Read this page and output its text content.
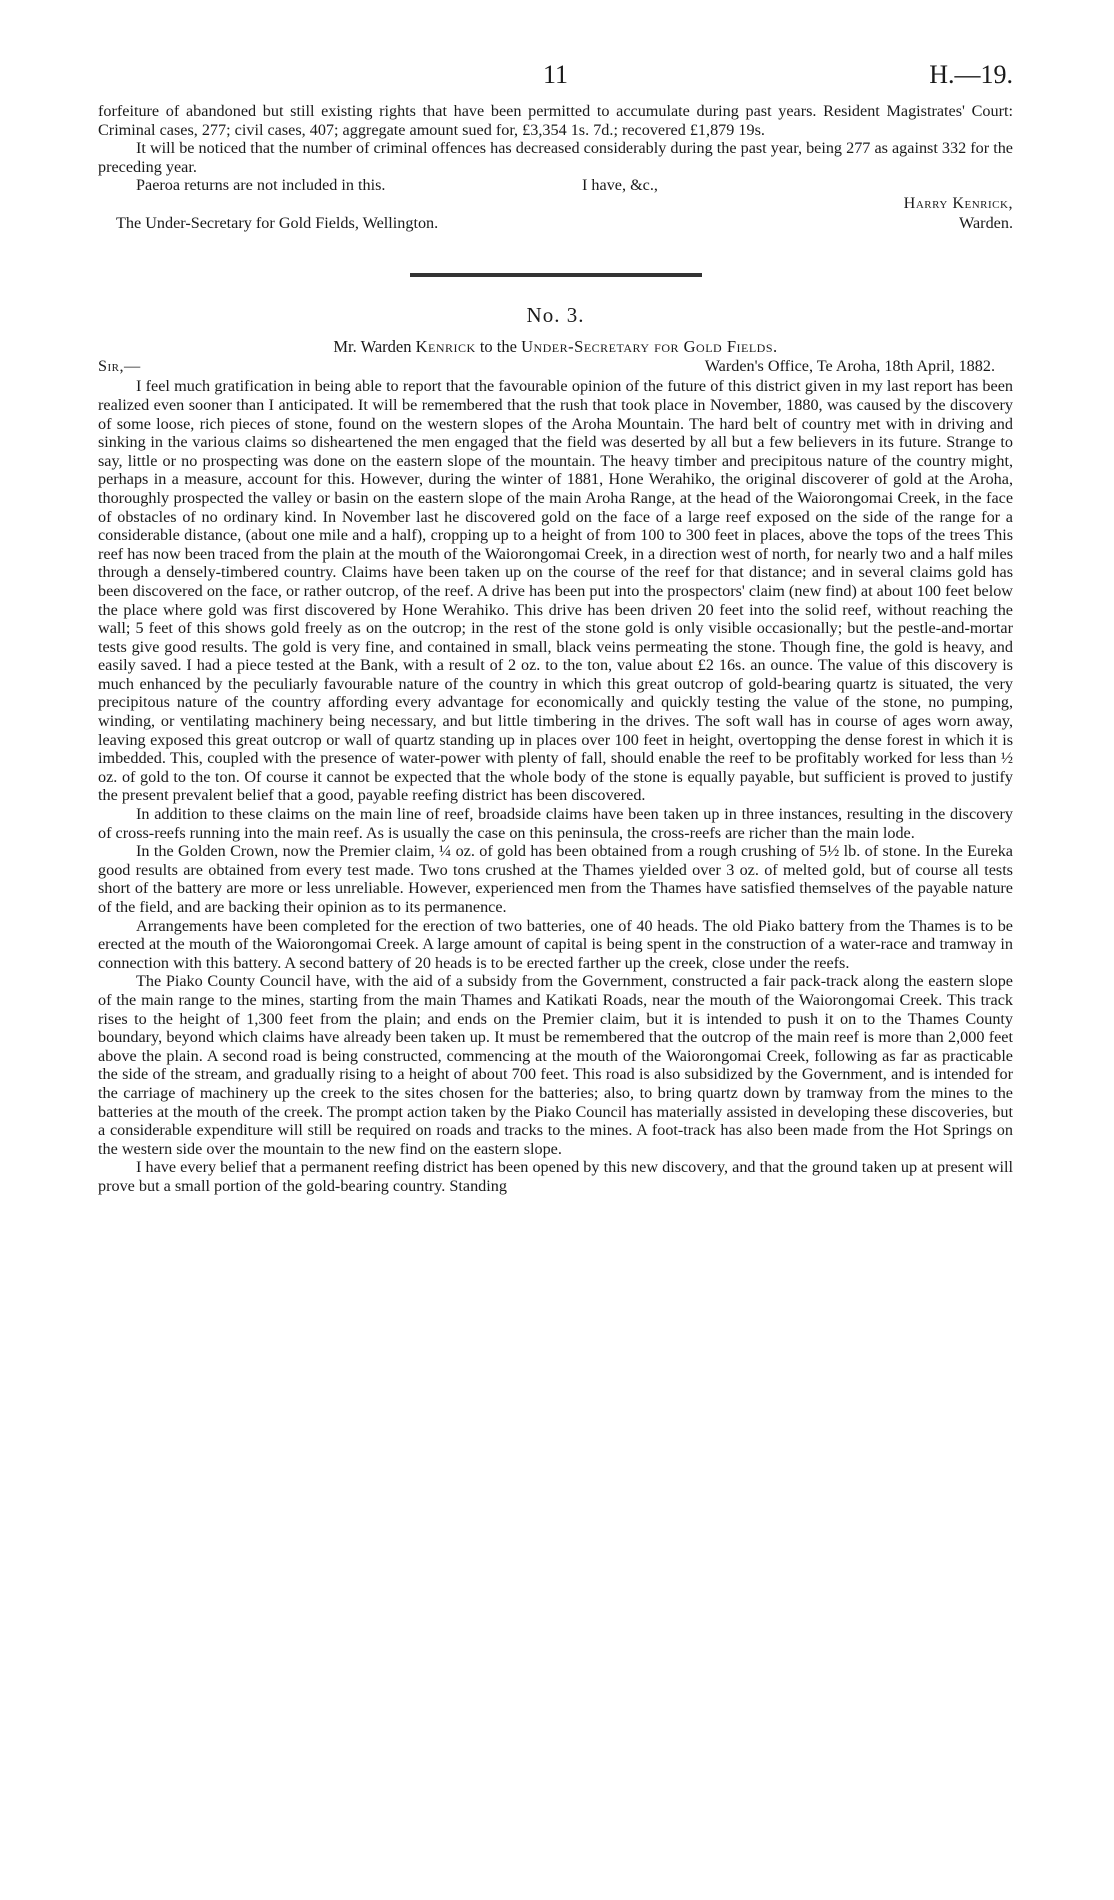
11	H.—19.

forfeiture of abandoned but still existing rights that have been permitted to accumulate during past years. Resident Magistrates' Court: Criminal cases, 277; civil cases, 407; aggregate amount sued for, £3,354 1s. 7d.; recovered £1,879 19s.

It will be noticed that the number of criminal offences has decreased considerably during the past year, being 277 as against 332 for the preceding year.

Paeroa returns are not included in this.	I have, &c.,
Harry Kenrick,
The Under-Secretary for Gold Fields, Wellington.	Warden.
No. 3.
Mr. Warden Kenrick to the Under-Secretary for Gold Fields.
Sir,—	Warden's Office, Te Aroha, 18th April, 1882.

I feel much gratification in being able to report that the favourable opinion of the future of this district given in my last report has been realized even sooner than I anticipated. It will be remembered that the rush that took place in November, 1880, was caused by the discovery of some loose, rich pieces of stone, found on the western slopes of the Aroha Mountain. The hard belt of country met with in driving and sinking in the various claims so disheartened the men engaged that the field was deserted by all but a few believers in its future. Strange to say, little or no prospecting was done on the eastern slope of the mountain. The heavy timber and precipitous nature of the country might, perhaps in a measure, account for this. However, during the winter of 1881, Hone Werahiko, the original discoverer of gold at the Aroha, thoroughly prospected the valley or basin on the eastern slope of the main Aroha Range, at the head of the Waiorongomai Creek, in the face of obstacles of no ordinary kind. In November last he discovered gold on the face of a large reef exposed on the side of the range for a considerable distance, (about one mile and a half), cropping up to a height of from 100 to 300 feet in places, above the tops of the trees This reef has now been traced from the plain at the mouth of the Waiorongomai Creek, in a direction west of north, for nearly two and a half miles through a densely-timbered country. Claims have been taken up on the course of the reef for that distance; and in several claims gold has been discovered on the face, or rather outcrop, of the reef. A drive has been put into the prospectors' claim (new find) at about 100 feet below the place where gold was first discovered by Hone Werahiko. This drive has been driven 20 feet into the solid reef, without reaching the wall; 5 feet of this shows gold freely as on the outcrop; in the rest of the stone gold is only visible occasionally; but the pestle-and-mortar tests give good results. The gold is very fine, and contained in small, black veins permeating the stone. Though fine, the gold is heavy, and easily saved. I had a piece tested at the Bank, with a result of 2 oz. to the ton, value about £2 16s. an ounce. The value of this discovery is much enhanced by the peculiarly favourable nature of the country in which this great outcrop of gold-bearing quartz is situated, the very precipitous nature of the country affording every advantage for economically and quickly testing the value of the stone, no pumping, winding, or ventilating machinery being necessary, and but little timbering in the drives. The soft wall has in course of ages worn away, leaving exposed this great outcrop or wall of quartz standing up in places over 100 feet in height, overtopping the dense forest in which it is imbedded. This, coupled with the presence of water-power with plenty of fall, should enable the reef to be profitably worked for less than ½ oz. of gold to the ton. Of course it cannot be expected that the whole body of the stone is equally payable, but sufficient is proved to justify the present prevalent belief that a good, payable reefing district has been discovered.

In addition to these claims on the main line of reef, broadside claims have been taken up in three instances, resulting in the discovery of cross-reefs running into the main reef. As is usually the case on this peninsula, the cross-reefs are richer than the main lode.

In the Golden Crown, now the Premier claim, ¼ oz. of gold has been obtained from a rough crushing of 5½ lb. of stone. In the Eureka good results are obtained from every test made. Two tons crushed at the Thames yielded over 3 oz. of melted gold, but of course all tests short of the battery are more or less unreliable. However, experienced men from the Thames have satisfied themselves of the payable nature of the field, and are backing their opinion as to its permanence.

Arrangements have been completed for the erection of two batteries, one of 40 heads. The old Piako battery from the Thames is to be erected at the mouth of the Waiorongomai Creek. A large amount of capital is being spent in the construction of a water-race and tramway in connection with this battery. A second battery of 20 heads is to be erected farther up the creek, close under the reefs.

The Piako County Council have, with the aid of a subsidy from the Government, constructed a fair pack-track along the eastern slope of the main range to the mines, starting from the main Thames and Katikati Roads, near the mouth of the Waiorongomai Creek. This track rises to the height of 1,300 feet from the plain; and ends on the Premier claim, but it is intended to push it on to the Thames County boundary, beyond which claims have already been taken up. It must be remembered that the outcrop of the main reef is more than 2,000 feet above the plain. A second road is being constructed, commencing at the mouth of the Waiorongomai Creek, following as far as practicable the side of the stream, and gradually rising to a height of about 700 feet. This road is also subsidized by the Government, and is intended for the carriage of machinery up the creek to the sites chosen for the batteries; also, to bring quartz down by tramway from the mines to the batteries at the mouth of the creek. The prompt action taken by the Piako Council has materially assisted in developing these discoveries, but a considerable expenditure will still be required on roads and tracks to the mines. A foot-track has also been made from the Hot Springs on the western side over the mountain to the new find on the eastern slope.

I have every belief that a permanent reefing district has been opened by this new discovery, and that the ground taken up at present will prove but a small portion of the gold-bearing country. Standing
